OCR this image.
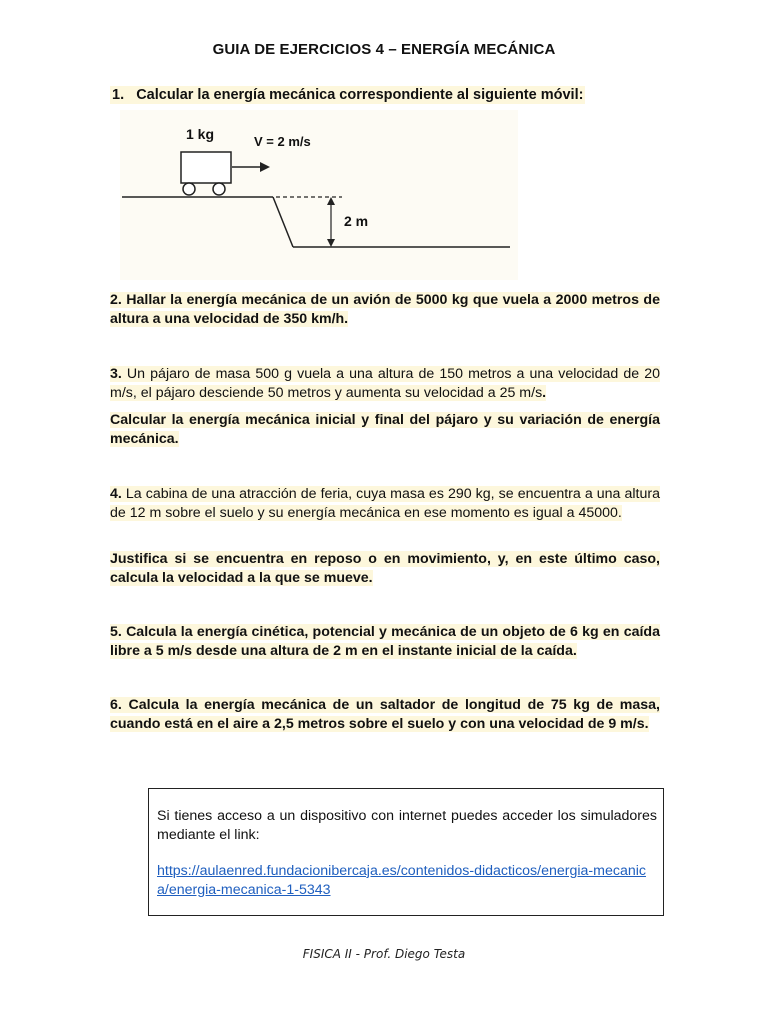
GUIA DE EJERCICIOS 4 – ENERGÍA MECÁNICA
1. Calcular la energía mecánica correspondiente al siguiente móvil:
1 kg	V = 2 m/s
2 m
2. Hallar la energía mecánica de un avión de 5000 kg que vuela a 2000 metros de altura a una velocidad de 350 km/h.
3. Un pájaro de masa 500 g vuela a una altura de 150 metros a una velocidad de 20 m/s, el pájaro desciende 50 metros y aumenta su velocidad a 25 m/s.
Calcular la energía mecánica inicial y final del pájaro y su variación de energía mecánica.
4. La cabina de una atracción de feria, cuya masa es 290 kg, se encuentra a una altura de 12 m sobre el suelo y su energía mecánica en ese momento es igual a 45000.
Justifica si se encuentra en reposo o en movimiento, y, en este último caso, calcula la velocidad a la que se mueve.
5. Calcula la energía cinética, potencial y mecánica de un objeto de 6 kg en caída libre a 5 m/s desde una altura de 2 m en el instante inicial de la caída.
6. Calcula la energía mecánica de un saltador de longitud de 75 kg de masa, cuando está en el aire a 2,5 metros sobre el suelo y con una velocidad de 9 m/s.
Si tienes acceso a un dispositivo con internet puedes acceder los simuladores mediante el link:
https://aulaenred.fundacionibercaja.es/contenidos-didacticos/energia-mecanica/energia-mecanica-1-5343
FISICA II - Prof. Diego Testa
